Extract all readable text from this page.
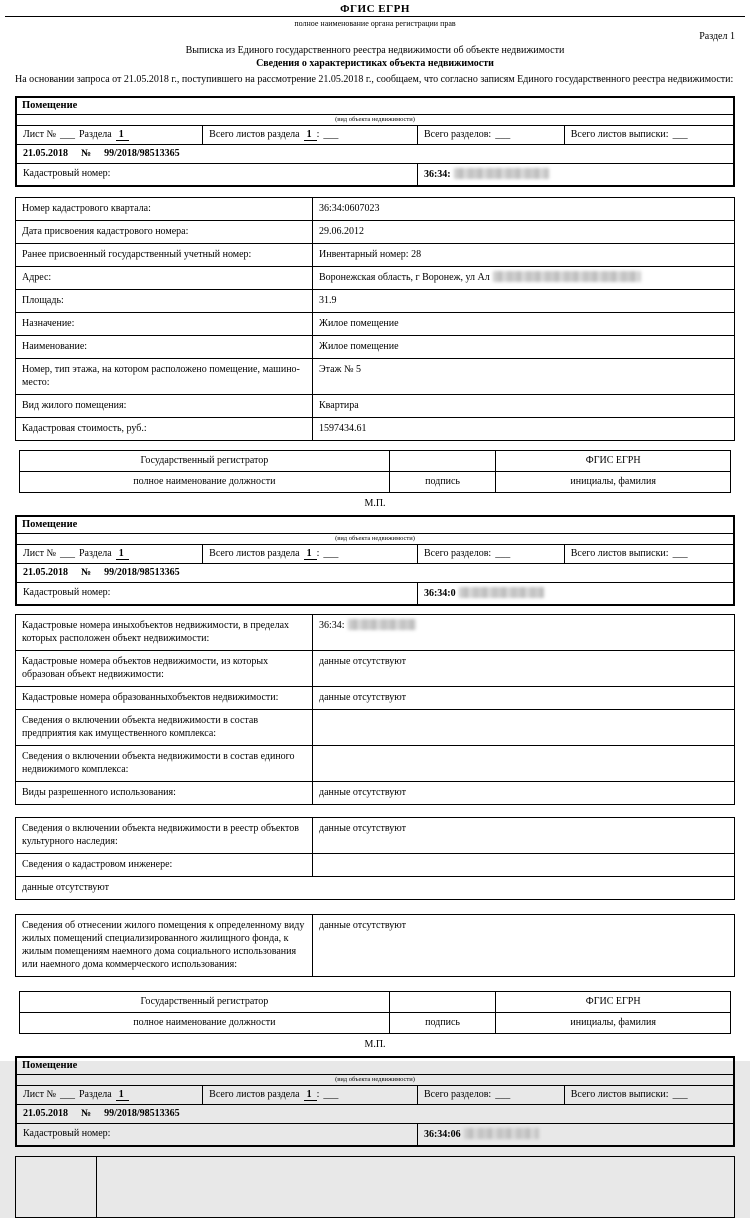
ФГИС ЕГРН
полное наименование органа регистрации прав
Раздел 1
Выписка из Единого государственного реестра недвижимости об объекте недвижимости
Сведения о характеристиках объекта недвижимости
На основании запроса от 21.05.2018 г., поступившего на рассмотрение 21.05.2018 г., сообщаем, что согласно записям Единого государственного реестра недвижимости:
Помещение
(вид объекта недвижимости)
Лист № ___ Раздела 1	Всего листов раздела 1 : ___	Всего разделов: ___	Всего листов выписки: ___
21.05.2018 № 99/2018/98513365
Кадастровый номер:	36:34:
Номер кадастрового квартала:	36:34:0607023
Дата присвоения кадастрового номера:	29.06.2012
Ранее присвоенный государственный учетный номер:	Инвентарный номер: 28
Адрес:	Воронежская область, г Воронеж, ул Ал
Площадь:	31.9
Назначение:	Жилое помещение
Наименование:	Жилое помещение
Номер, тип этажа, на котором расположено помещение, машино-место:	Этаж № 5
Вид жилого помещения:	Квартира
Кадастровая стоимость, руб.:	1597434.61
Государственный регистратор		ФГИС ЕГРН
полное наименование должности	подпись	инициалы, фамилия
М.П.
Помещение
(вид объекта недвижимости)
Лист № ___ Раздела 1	Всего листов раздела 1 : ___	Всего разделов: ___	Всего листов выписки: ___
21.05.2018 № 99/2018/98513365
Кадастровый номер:	36:34:0
Кадастровые номера иныхобъектов недвижимости, в пределах которых расположен объект недвижимости:	36:34:
Кадастровые номера объектов недвижимости, из которых образован объект недвижимости:	данные отсутствуют
Кадастровые номера образованныхобъектов недвижимости:	данные отсутствуют
Сведения о включении объекта недвижимости в состав предприятия как имущественного комплекса:	
Сведения о включении объекта недвижимости в состав единого недвижимого комплекса:	
Виды разрешенного использования:	данные отсутствуют
Сведения о включении объекта недвижимости в реестр объектов культурного наследия:	данные отсутствуют
Сведения о кадастровом инженере:	
данные отсутствуют	
Сведения об отнесении жилого помещения к определенному виду жилых помещений специализированного жилищного фонда, к жилым помещениям наемного дома социального использования или наемного дома коммерческого использования:	данные отсутствуют
Государственный регистратор		ФГИС ЕГРН
полное наименование должности	подпись	инициалы, фамилия
М.П.
Помещение
(вид объекта недвижимости)
Лист № ___ Раздела 1	Всего листов раздела 1 : ___	Всего разделов: ___	Всего листов выписки: ___
21.05.2018 № 99/2018/98513365
Кадастровый номер:	36:34:06
